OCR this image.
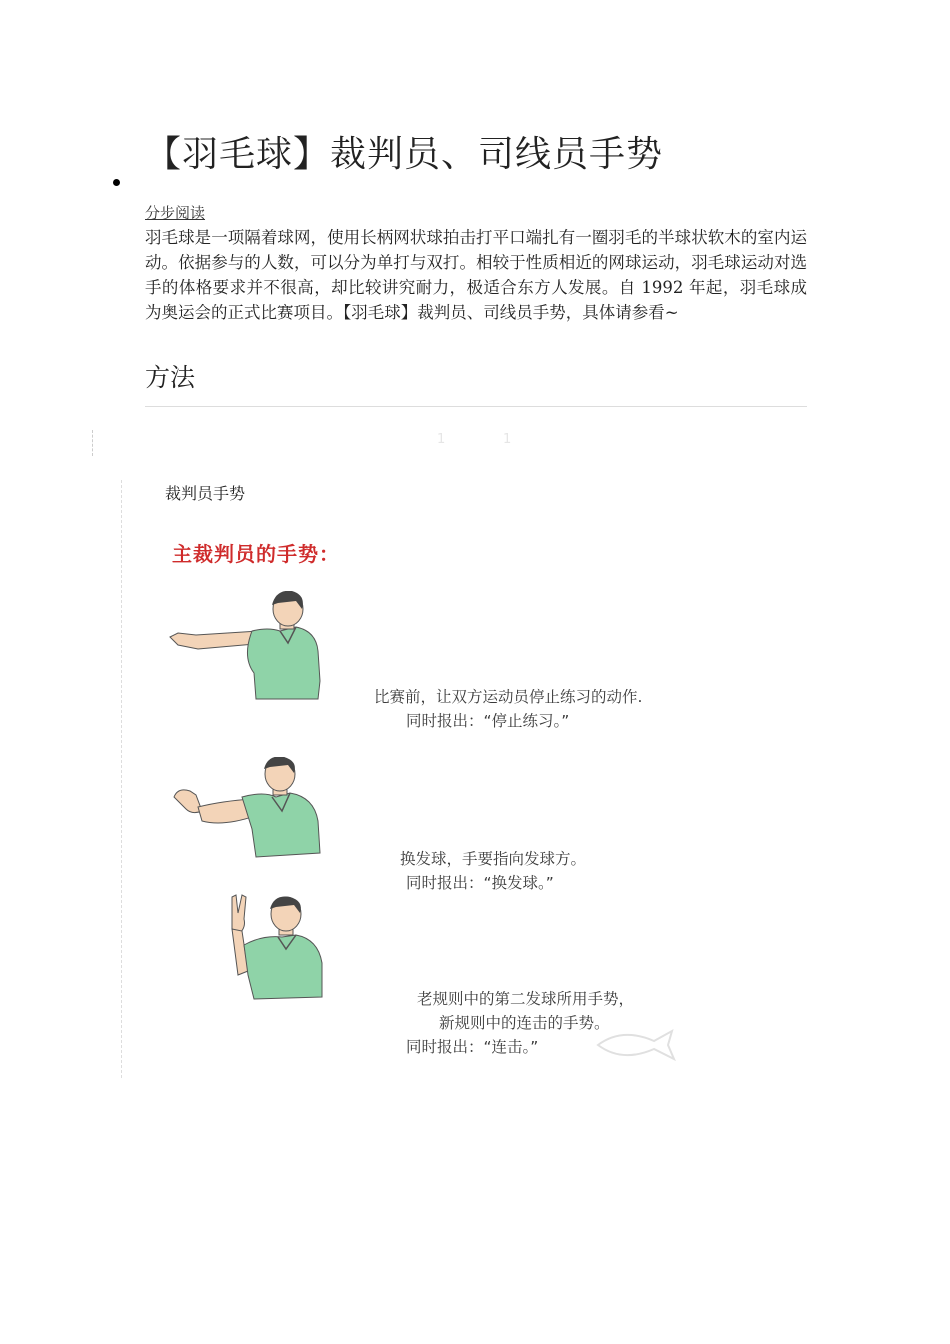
【羽毛球】裁判员、司线员手势
分步阅读

羽毛球是一项隔着球网，使用长柄网状球拍击打平口端扎有一圈羽毛的半球状软木的室内运动。依据参与的人数，可以分为单打与双打。相较于性质相近的网球运动，羽毛球运动对选手的体格要求并不很高，却比较讲究耐力，极适合东方人发展。自 1992 年起，羽毛球成为奥运会的正式比赛项目。【羽毛球】裁判员、司线员手势，具体请参看~

方法
1	1
裁判员手势
主裁判员的手势：
比赛前，让双方运动员停止练习的动作.
同时报出：“停止练习。”
换发球，手要指向发球方。
同时报出：“换发球。”
老规则中的第二发球所用手势，
新规则中的连击的手势。
同时报出：“连击。”
